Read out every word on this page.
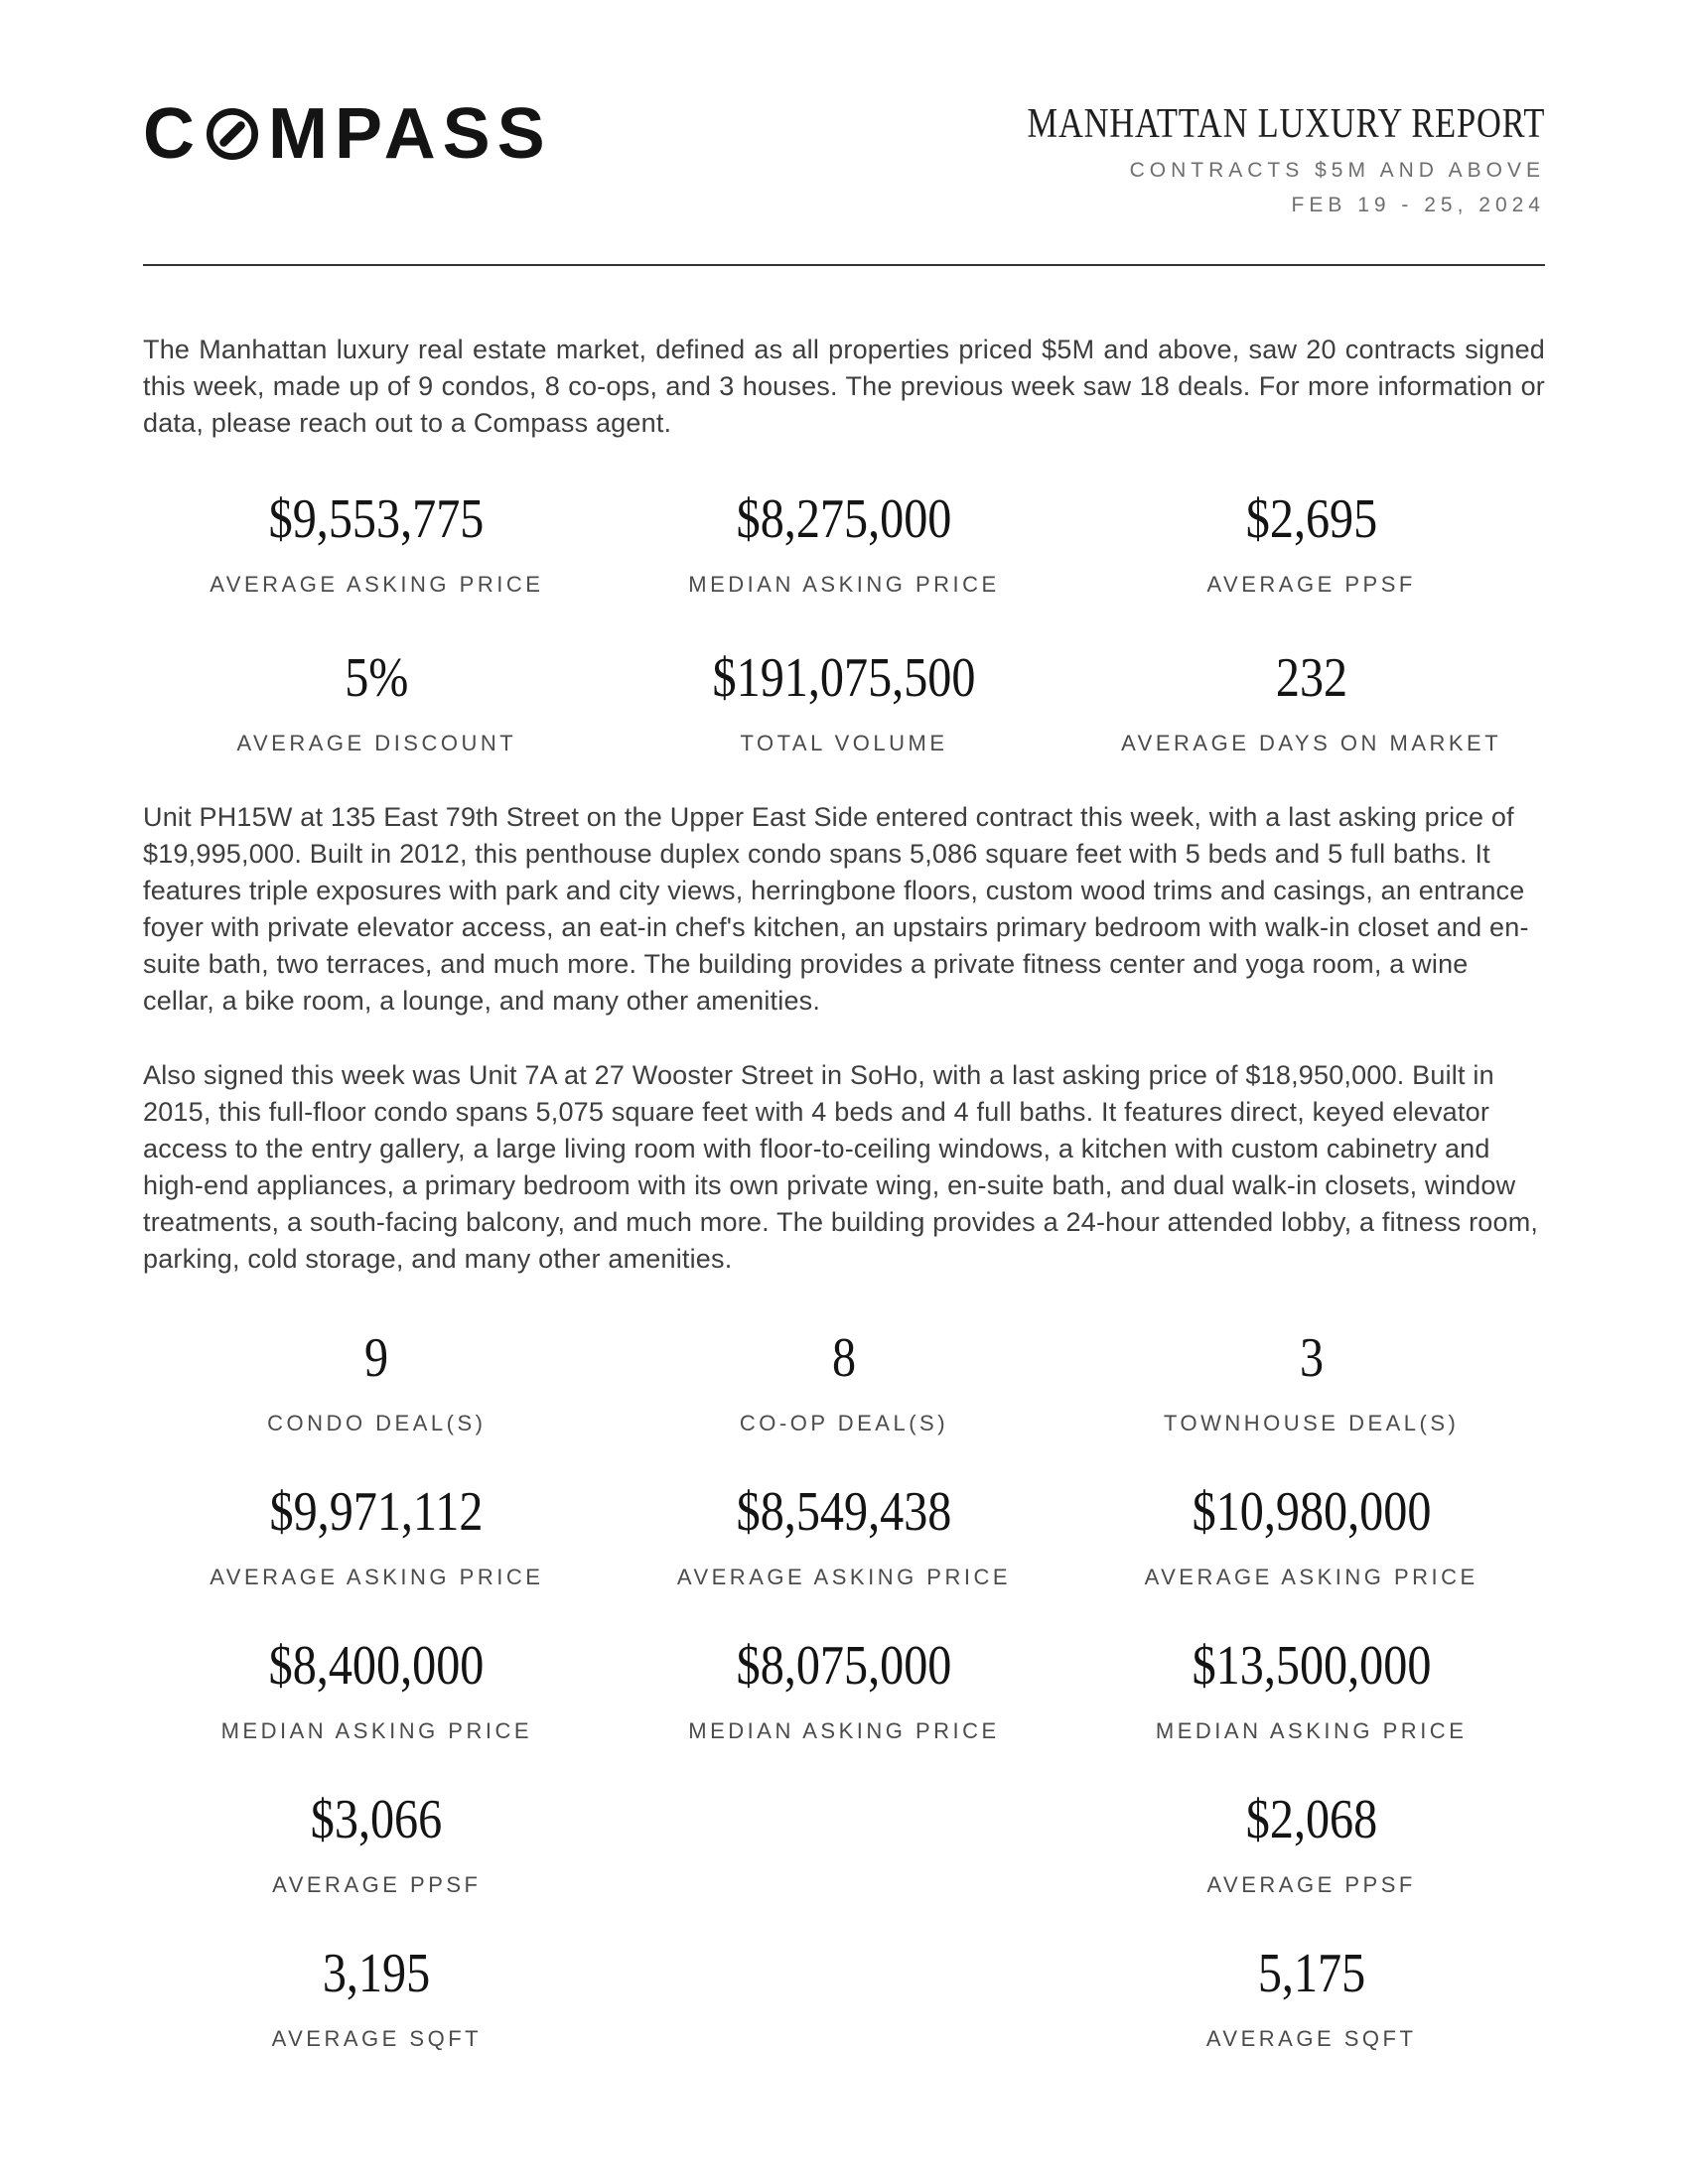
C MPASS	MANHATTAN LUXURY REPORT
CONTRACTS $5M AND ABOVE
FEB 19 - 25, 2024

The Manhattan luxury real estate market, defined as all properties priced $5M and above, saw 20 contracts signed this week, made up of 9 condos, 8 co-ops, and 3 houses. The previous week saw 18 deals. For more information or data, please reach out to a Compass agent.

$9,553,775
AVERAGE ASKING PRICE
$8,275,000
MEDIAN ASKING PRICE
$2,695
AVERAGE PPSF
5%
AVERAGE DISCOUNT
$191,075,500
TOTAL VOLUME
232
AVERAGE DAYS ON MARKET

Unit PH15W at 135 East 79th Street on the Upper East Side entered contract this week, with a last asking price of $19,995,000. Built in 2012, this penthouse duplex condo spans 5,086 square feet with 5 beds and 5 full baths. It features triple exposures with park and city views, herringbone floors, custom wood trims and casings, an entrance foyer with private elevator access, an eat-in chef's kitchen, an upstairs primary bedroom with walk-in closet and en-suite bath, two terraces, and much more. The building provides a private fitness center and yoga room, a wine cellar, a bike room, a lounge, and many other amenities.

Also signed this week was Unit 7A at 27 Wooster Street in SoHo, with a last asking price of $18,950,000. Built in 2015, this full-floor condo spans 5,075 square feet with 4 beds and 4 full baths. It features direct, keyed elevator access to the entry gallery, a large living room with floor-to-ceiling windows, a kitchen with custom cabinetry and high-end appliances, a primary bedroom with its own private wing, en-suite bath, and dual walk-in closets, window treatments, a south-facing balcony, and much more. The building provides a 24-hour attended lobby, a fitness room, parking, cold storage, and many other amenities.

9
CONDO DEAL(S)
8
CO-OP DEAL(S)
3
TOWNHOUSE DEAL(S)
$9,971,112
AVERAGE ASKING PRICE
$8,549,438
AVERAGE ASKING PRICE
$10,980,000
AVERAGE ASKING PRICE
$8,400,000
MEDIAN ASKING PRICE
$8,075,000
MEDIAN ASKING PRICE
$13,500,000
MEDIAN ASKING PRICE
$3,066
AVERAGE PPSF
$2,068
AVERAGE PPSF
3,195
AVERAGE SQFT
5,175
AVERAGE SQFT
